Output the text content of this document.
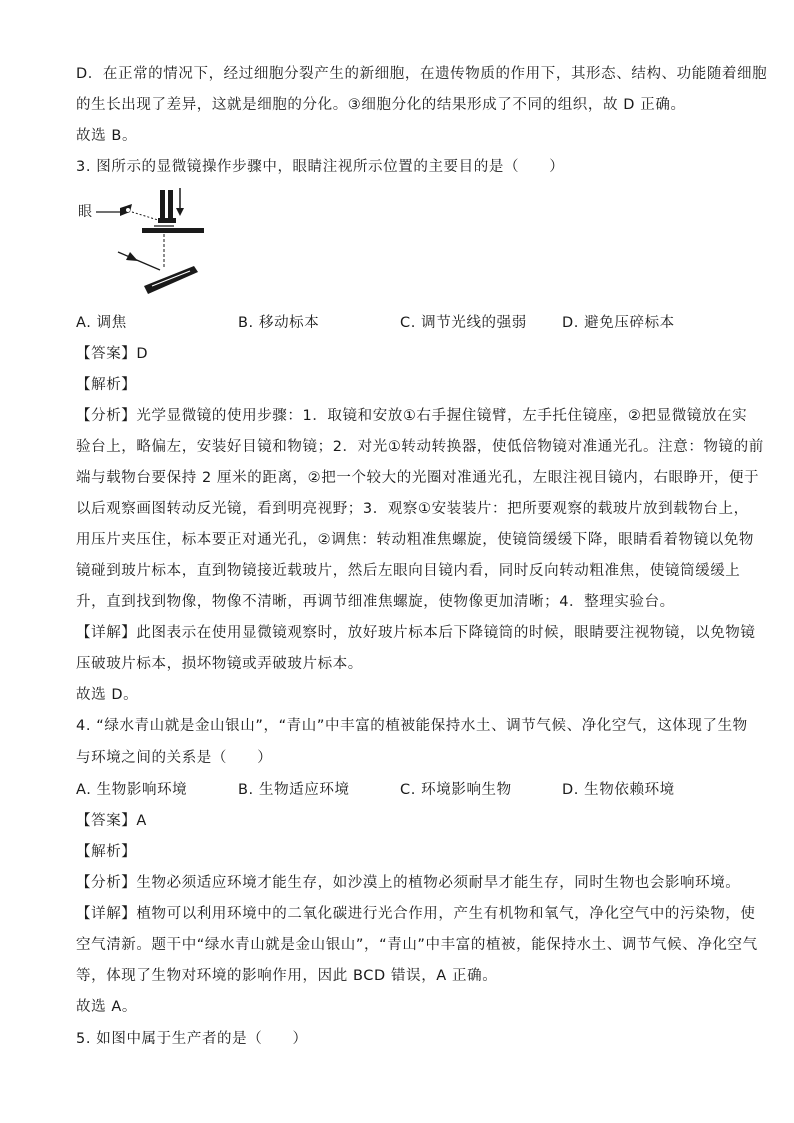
D．在正常的情况下，经过细胞分裂产生的新细胞，在遗传物质的作用下，其形态、结构、功能随着细胞
的生长出现了差异，这就是细胞的分化。③细胞分化的结果形成了不同的组织，故 D 正确。
故选 B。
3. 图所示的显微镜操作步骤中，眼睛注视所示位置的主要目的是（　　）
眼
A. 调焦	B. 移动标本	C. 调节光线的强弱 D. 避免压碎标本
【答案】D
【解析】
【分析】光学显微镜的使用步骤：1．取镜和安放①右手握住镜臂，左手托住镜座，②把显微镜放在实
验台上，略偏左，安装好目镜和物镜；2．对光①转动转换器，使低倍物镜对准通光孔。注意：物镜的前
端与载物台要保持 2 厘米的距离，②把一个较大的光圈对准通光孔，左眼注视目镜内，右眼睁开，便于
以后观察画图转动反光镜，看到明亮视野；3．观察①安装装片：把所要观察的载玻片放到载物台上，
用压片夹压住，标本要正对通光孔，②调焦：转动粗准焦螺旋，使镜筒缓缓下降，眼睛看着物镜以免物
镜碰到玻片标本，直到物镜接近载玻片，然后左眼向目镜内看，同时反向转动粗准焦，使镜筒缓缓上
升，直到找到物像，物像不清晰，再调节细准焦螺旋，使物像更加清晰；4．整理实验台。
【详解】此图表示在使用显微镜观察时，放好玻片标本后下降镜筒的时候，眼睛要注视物镜，以免物镜
压破玻片标本，损坏物镜或弄破玻片标本。
故选 D。
4. “绿水青山就是金山银山”，“青山”中丰富的植被能保持水土、调节气候、净化空气，这体现了生物
与环境之间的关系是（　　）
A. 生物影响环境	B. 生物适应环境	C. 环境影响生物	D. 生物依赖环境
【答案】A
【解析】
【分析】生物必须适应环境才能生存，如沙漠上的植物必须耐旱才能生存，同时生物也会影响环境。
【详解】植物可以利用环境中的二氧化碳进行光合作用，产生有机物和氧气，净化空气中的污染物，使
空气清新。题干中“绿水青山就是金山银山”，“青山”中丰富的植被，能保持水土、调节气候、净化空气
等，体现了生物对环境的影响作用，因此 BCD 错误，A 正确。
故选 A。
5. 如图中属于生产者的是（　　）
